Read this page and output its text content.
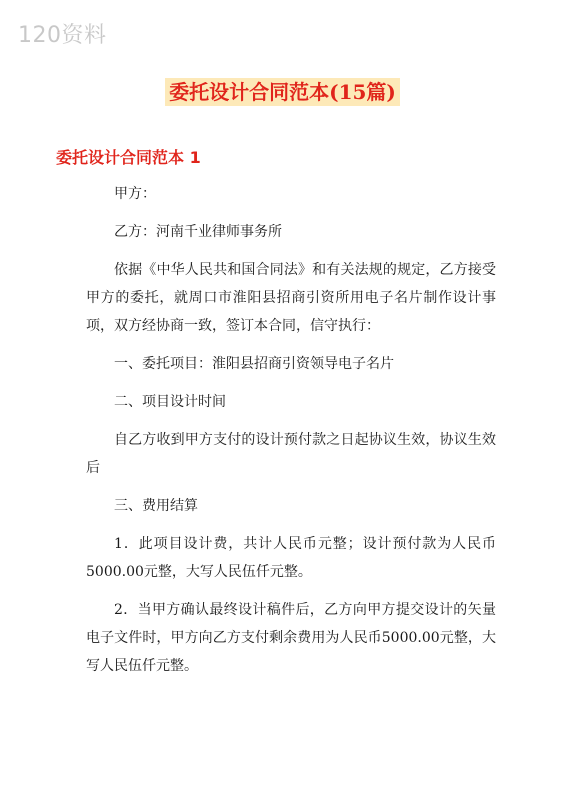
120资料
委托设计合同范本(15篇)
委托设计合同范本 1

甲方：

乙方：河南千业律师事务所

依据《中华人民共和国合同法》和有关法规的规定，乙方接受甲方的委托，就周口市淮阳县招商引资所用电子名片制作设计事项，双方经协商一致，签订本合同，信守执行：

一、委托项目：淮阳县招商引资领导电子名片

二、项目设计时间

自乙方收到甲方支付的设计预付款之日起协议生效，协议生效后

三、费用结算

1．此项目设计费，共计人民币元整；设计预付款为人民币5000.00元整，大写人民伍仟元整。

2．当甲方确认最终设计稿件后，乙方向甲方提交设计的矢量电子文件时，甲方向乙方支付剩余费用为人民币5000.00元整，大写人民伍仟元整。
